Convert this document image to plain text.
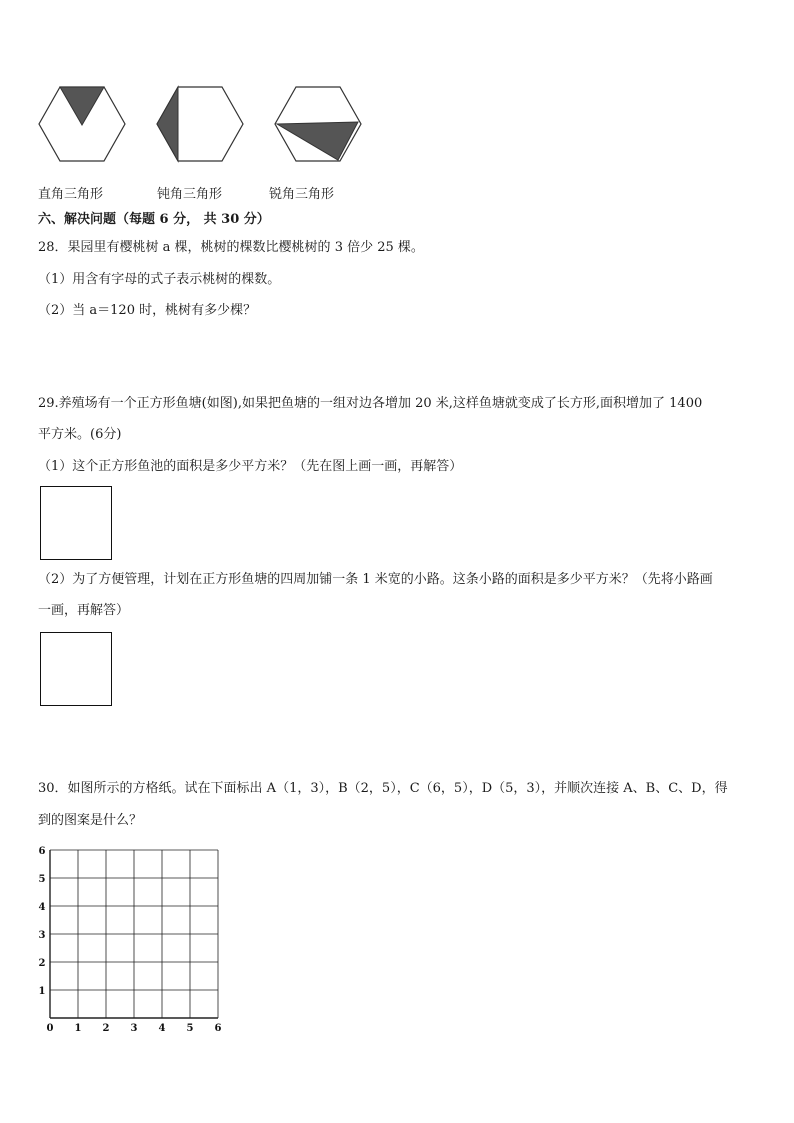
直角三角形	钝角三角形	锐角三角形
六、解决问题（每题 6 分， 共 30 分）
28．果园里有樱桃树 a 棵，桃树的棵数比樱桃树的 3 倍少 25 棵。
（1）用含有字母的式子表示桃树的棵数。
（2）当 a＝120 时，桃树有多少棵？
29.养殖场有一个正方形鱼塘(如图),如果把鱼塘的一组对边各增加 20 米,这样鱼塘就变成了长方形,面积增加了 1400
平方米。(6分)
（1）这个正方形鱼池的面积是多少平方米？（先在图上画一画，再解答）
（2）为了方便管理，计划在正方形鱼塘的四周加铺一条 1 米宽的小路。这条小路的面积是多少平方米？（先将小路画
一画，再解答）
30．如图所示的方格纸。试在下面标出 A（1，3），B（2，5），C（6，5），D（5，3），并顺次连接 A、B、C、D，得
到的图案是什么？
0 1 2 3 4 5 6
1
2
3
4
5
6
